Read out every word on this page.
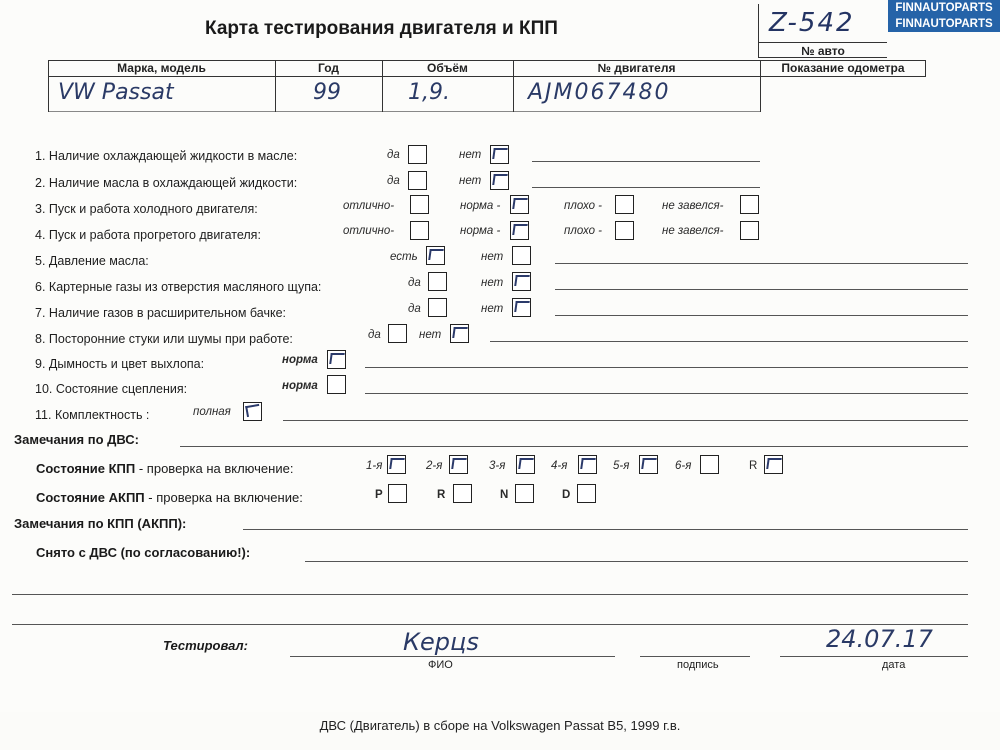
FINNAUTOPARTS
FINNAUTOPARTS
Карта тестирования двигателя и КПП	Z-542
№ авто
Марка, модель	Год	Объём	№ двигателя	Показание одометра
VW Passat	99	1,9.	AJM067480
1. Наличие охлаждающей жидкости в масле:	да	нет
2. Наличие масла в охлаждающей жидкости:	да	нет
3. Пуск и работа холодного двигателя:	отлично-	норма -	плохо -	не завелся-
4. Пуск и работа прогретого двигателя:	отлично-	норма -	плохо -	не завелся-
5. Давление масла:	есть	нет
6. Картерные газы из отверстия масляного щупа:	да	нет
7. Наличие газов в расширительном бачке:	да	нет
8. Посторонние стуки или шумы при работе:	да	нет
9. Дымность и цвет выхлопа:	норма
10. Состояние сцепления:	норма
11. Комплектность :	полная
Замечания по ДВС:
Состояние КПП - проверка на включение:	1-я	2-я	3-я	4-я	5-я	6-я	R
Состояние АКПП - проверка на включение:	P	R	N	D
Замечания по КПП (АКПП):
Снято с ДВС (по согласованию!):
Тестировал:	Керцs	24.07.17
ФИО	подпись	дата
ДВС (Двигатель) в сборе на Volkswagen Passat B5, 1999 г.в.
